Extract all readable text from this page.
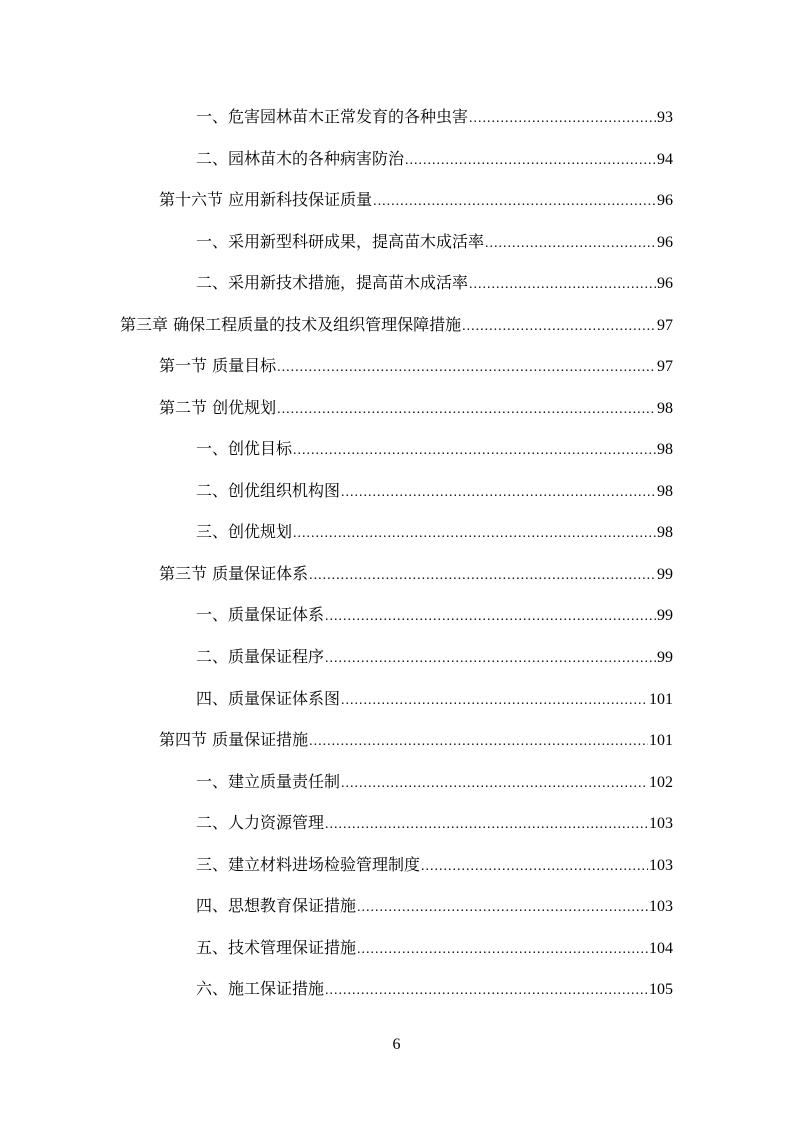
一、危害园林苗木正常发育的各种虫害 .....	93
二、园林苗木的各种病害防治 .....	94
第十六节 应用新科技保证质量 .....	96
一、采用新型科研成果，提高苗木成活率 .....	96
二、采用新技术措施，提高苗木成活率 .....	96
第三章 确保工程质量的技术及组织管理保障措施 .....	97
第一节 质量目标 .....	97
第二节 创优规划 .....	98
一、创优目标 .....	98
二、创优组织机构图 .....	98
三、创优规划 .....	98
第三节 质量保证体系 .....	99
一、质量保证体系 .....	99
二、质量保证程序 .....	99
四、质量保证体系图 .....	101
第四节 质量保证措施 .....	101
一、建立质量责任制 .....	102
二、人力资源管理 .....	103
三、建立材料进场检验管理制度 .....	103
四、思想教育保证措施 .....	103
五、技术管理保证措施 .....	104
六、施工保证措施 .....	105
6
